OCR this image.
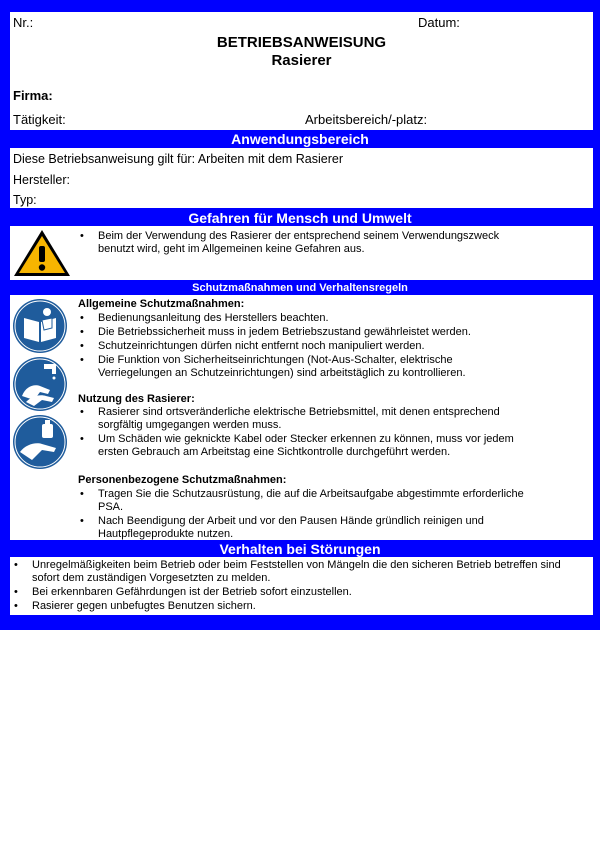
Nr.:	Datum:
BETRIEBSANWEISUNG
Rasierer
Firma:
Tätigkeit:	Arbeitsbereich/-platz:
Anwendungsbereich
Diese Betriebsanweisung gilt für: Arbeiten mit dem Rasierer
Hersteller:
Typ:
Gefahren für Mensch und Umwelt
• Beim der Verwendung des Rasierer der entsprechend seinem Verwendungszweck benutzt wird, geht im Allgemeinen keine Gefahren aus.
Schutzmaßnahmen und Verhaltensregeln
Allgemeine Schutzmaßnahmen:
• Bedienungsanleitung des Herstellers beachten.
• Die Betriebssicherheit muss in jedem Betriebszustand gewährleistet werden.
• Schutzeinrichtungen dürfen nicht entfernt noch manipuliert werden.
• Die Funktion von Sicherheitseinrichtungen (Not-Aus-Schalter, elektrische Verriegelungen an Schutzeinrichtungen) sind arbeitstäglich zu kontrollieren.
Nutzung des Rasierer:
• Rasierer sind ortsveränderliche elektrische Betriebsmittel, mit denen entsprechend sorgfältig umgegangen werden muss.
• Um Schäden wie geknickte Kabel oder Stecker erkennen zu können, muss vor jedem ersten Gebrauch am Arbeitstag eine Sichtkontrolle durchgeführt werden.
Personenbezogene Schutzmaßnahmen:
• Tragen Sie die Schutzausrüstung, die auf die Arbeitsaufgabe abgestimmte erforderliche PSA.
• Nach Beendigung der Arbeit und vor den Pausen Hände gründlich reinigen und Hautpflegeprodukte nutzen.
Verhalten bei Störungen
• Unregelmäßigkeiten beim Betrieb oder beim Feststellen von Mängeln die den sicheren Betrieb betreffen sind sofort dem zuständigen Vorgesetzten zu melden.
• Bei erkennbaren Gefährdungen ist der Betrieb sofort einzustellen.
• Rasierer gegen unbefugtes Benutzen sichern.
